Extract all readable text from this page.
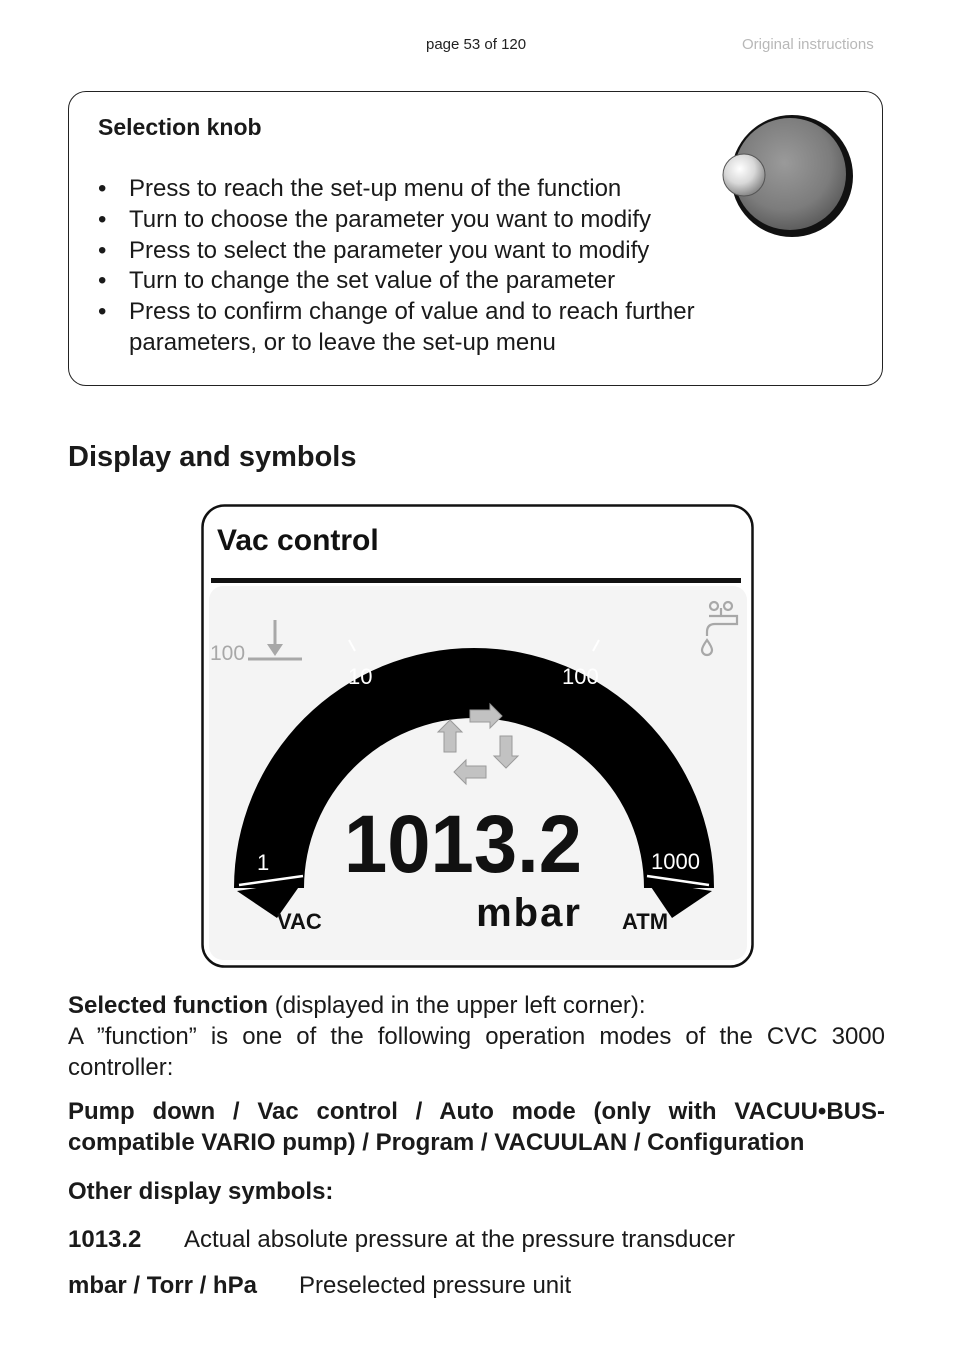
page 53 of 120	Original instructions
Selection knob
• Press to reach the set-up menu of the function
• Turn to choose the parameter you want to modify
• Press to select the parameter you want to modify
• Turn to change the set value of the parameter
• Press to confirm change of value and to reach further parameters, or to leave the set-up menu
Display and symbols
Vac control
1
10	100
1000
100
1013.2
mbar
VAC	ATM
Selected function (displayed in the upper left corner):
A ”function” is one of the following operation modes of the CVC 3000 controller:
Pump down / Vac control / Auto mode (only with VACUU•BUS-compatible VARIO pump) / Program / VACUULAN / Configuration
Other display symbols:
1013.2 Actual absolute pressure at the pressure transducer
mbar / Torr / hPa Preselected pressure unit
